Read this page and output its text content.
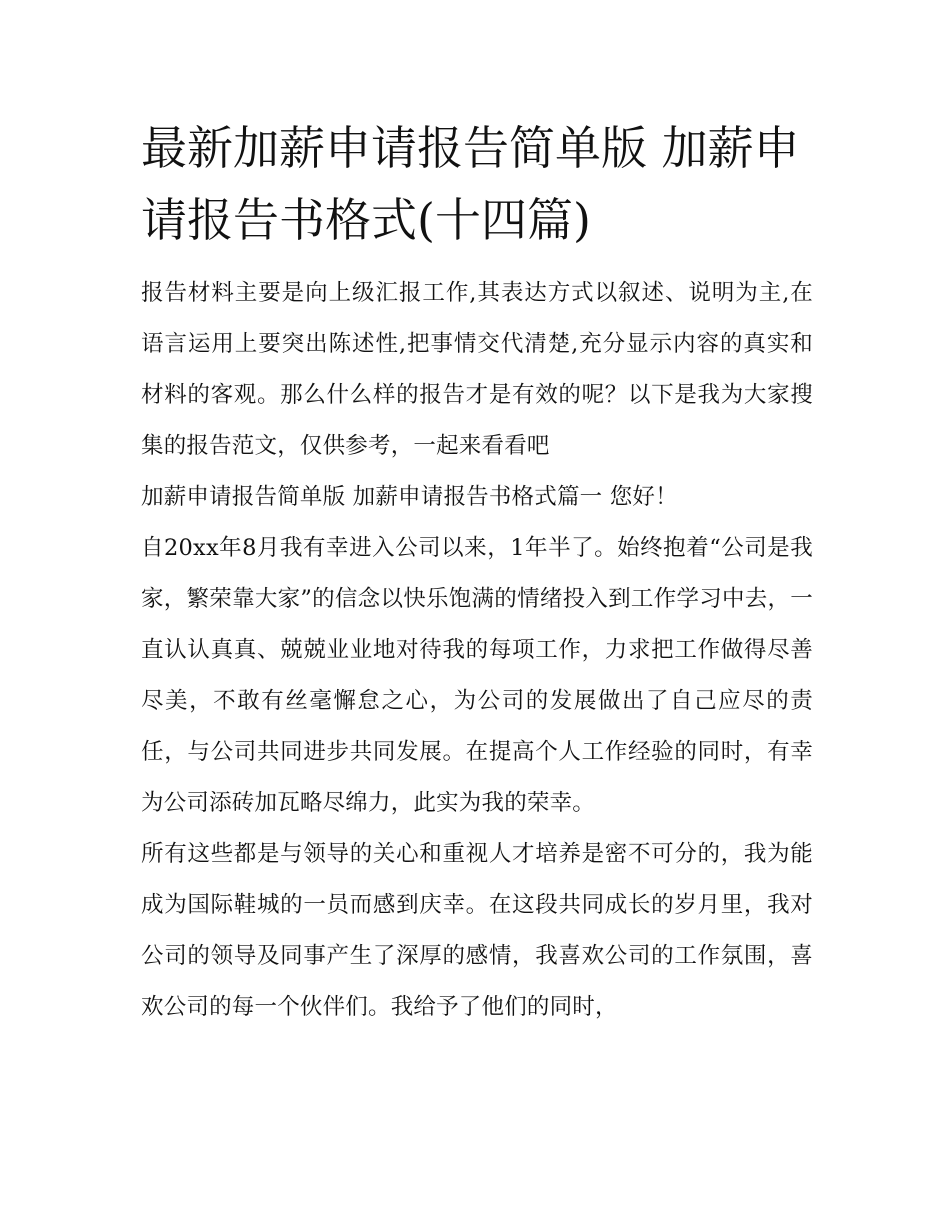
最新加薪申请报告简单版 加薪申请报告书格式(十四篇)

报告材料主要是向上级汇报工作,其表达方式以叙述、说明为主,在语言运用上要突出陈述性,把事情交代清楚,充分显示内容的真实和材料的客观。那么什么样的报告才是有效的呢？以下是我为大家搜集的报告范文，仅供参考，一起来看看吧

加薪申请报告简单版 加薪申请报告书格式篇一 您好！

自20xx年8月我有幸进入公司以来，1年半了。始终抱着“公司是我家，繁荣靠大家”的信念以快乐饱满的情绪投入到工作学习中去，一直认认真真、兢兢业业地对待我的每项工作，力求把工作做得尽善尽美，不敢有丝毫懈怠之心，为公司的发展做出了自己应尽的责任，与公司共同进步共同发展。在提高个人工作经验的同时，有幸为公司添砖加瓦略尽绵力，此实为我的荣幸。

所有这些都是与领导的关心和重视人才培养是密不可分的，我为能成为国际鞋城的一员而感到庆幸。在这段共同成长的岁月里，我对公司的领导及同事产生了深厚的感情，我喜欢公司的工作氛围，喜欢公司的每一个伙伴们。我给予了他们的同时，
